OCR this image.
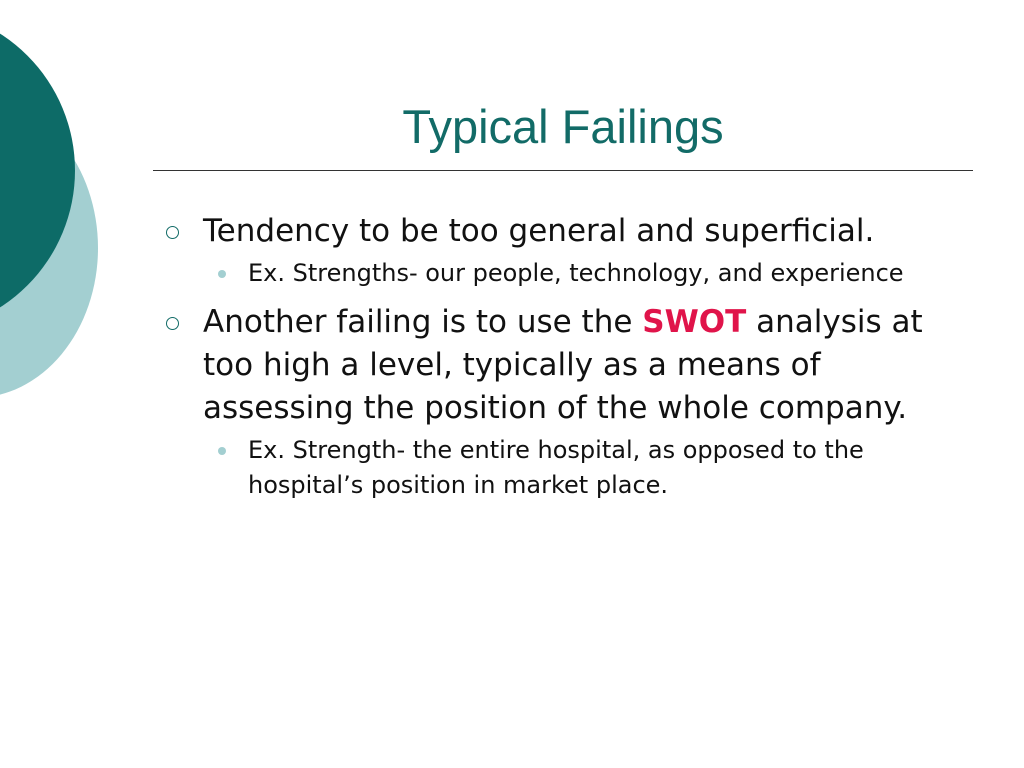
Typical Failings

Tendency to be too general and superficial.

Ex. Strengths- our people, technology, and experience

Another failing is to use the SWOT analysis at too high a level, typically as a means of assessing the position of the whole company.

Ex. Strength- the entire hospital, as opposed to the hospital’s position in market place.
